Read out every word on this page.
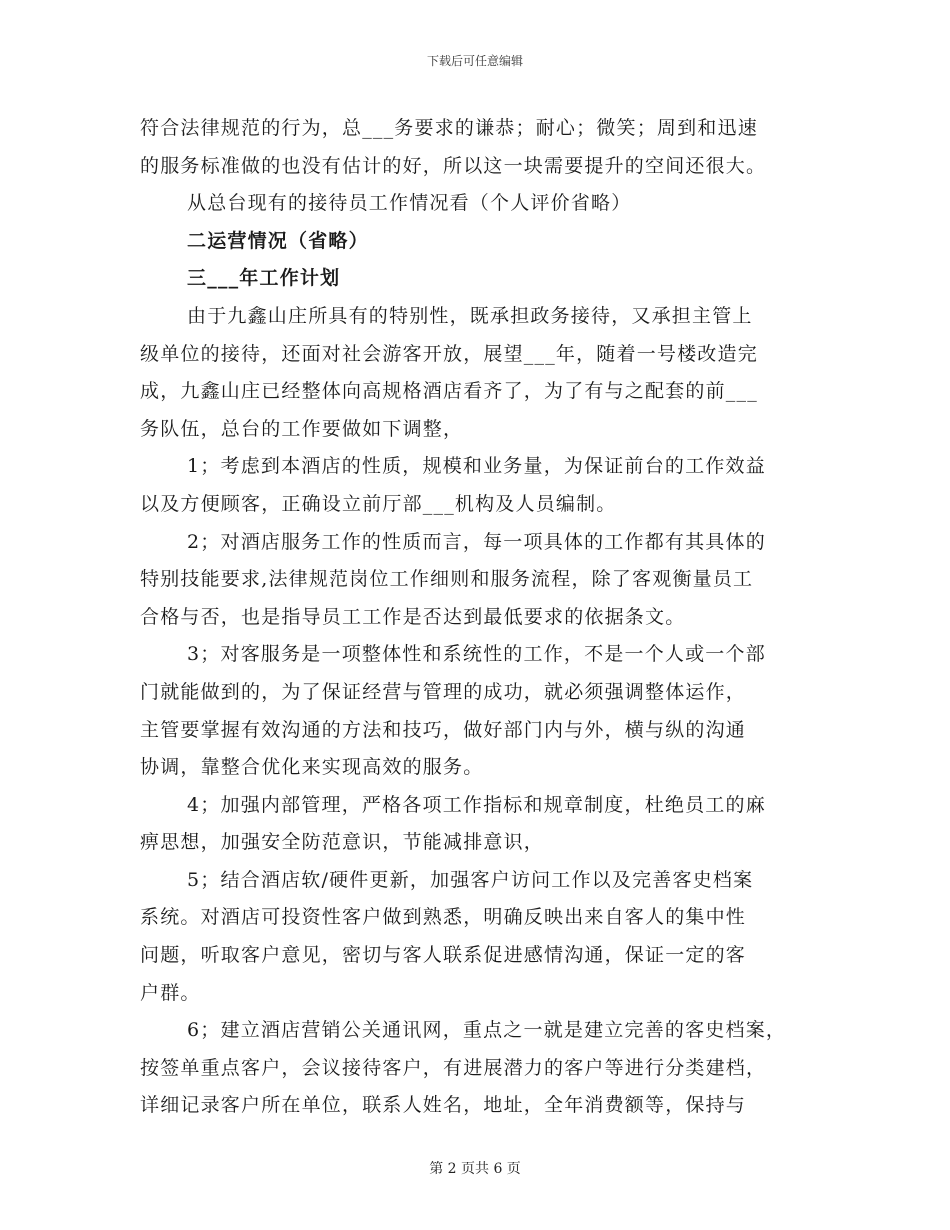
下载后可任意编辑
符合法律规范的行为，总___务要求的谦恭；耐心；微笑；周到和迅速
的服务标准做的也没有估计的好，所以这一块需要提升的空间还很大。
从总台现有的接待员工作情况看（个人评价省略）
二运营情况（省略）
三___年工作计划
由于九鑫山庄所具有的特别性，既承担政务接待，又承担主管上
级单位的接待，还面对社会游客开放，展望___年，随着一号楼改造完
成，九鑫山庄已经整体向高规格酒店看齐了，为了有与之配套的前___
务队伍，总台的工作要做如下调整，
1；考虑到本酒店的性质，规模和业务量，为保证前台的工作效益
以及方便顾客，正确设立前厅部___机构及人员编制。
2；对酒店服务工作的性质而言，每一项具体的工作都有其具体的
特别技能要求,法律规范岗位工作细则和服务流程，除了客观衡量员工
合格与否，也是指导员工工作是否达到最低要求的依据条文。
3；对客服务是一项整体性和系统性的工作，不是一个人或一个部
门就能做到的，为了保证经营与管理的成功，就必须强调整体运作，
主管要掌握有效沟通的方法和技巧，做好部门内与外，横与纵的沟通
协调，靠整合优化来实现高效的服务。
4；加强内部管理，严格各项工作指标和规章制度，杜绝员工的麻
痹思想，加强安全防范意识，节能减排意识，
5；结合酒店软/硬件更新，加强客户访问工作以及完善客史档案
系统。对酒店可投资性客户做到熟悉，明确反映出来自客人的集中性
问题，听取客户意见，密切与客人联系促进感情沟通，保证一定的客
户群。
6；建立酒店营销公关通讯网，重点之一就是建立完善的客史档案，
按签单重点客户，会议接待客户，有进展潜力的客户等进行分类建档，
详细记录客户所在单位，联系人姓名，地址，全年消费额等，保持与
第 2 页共 6 页
